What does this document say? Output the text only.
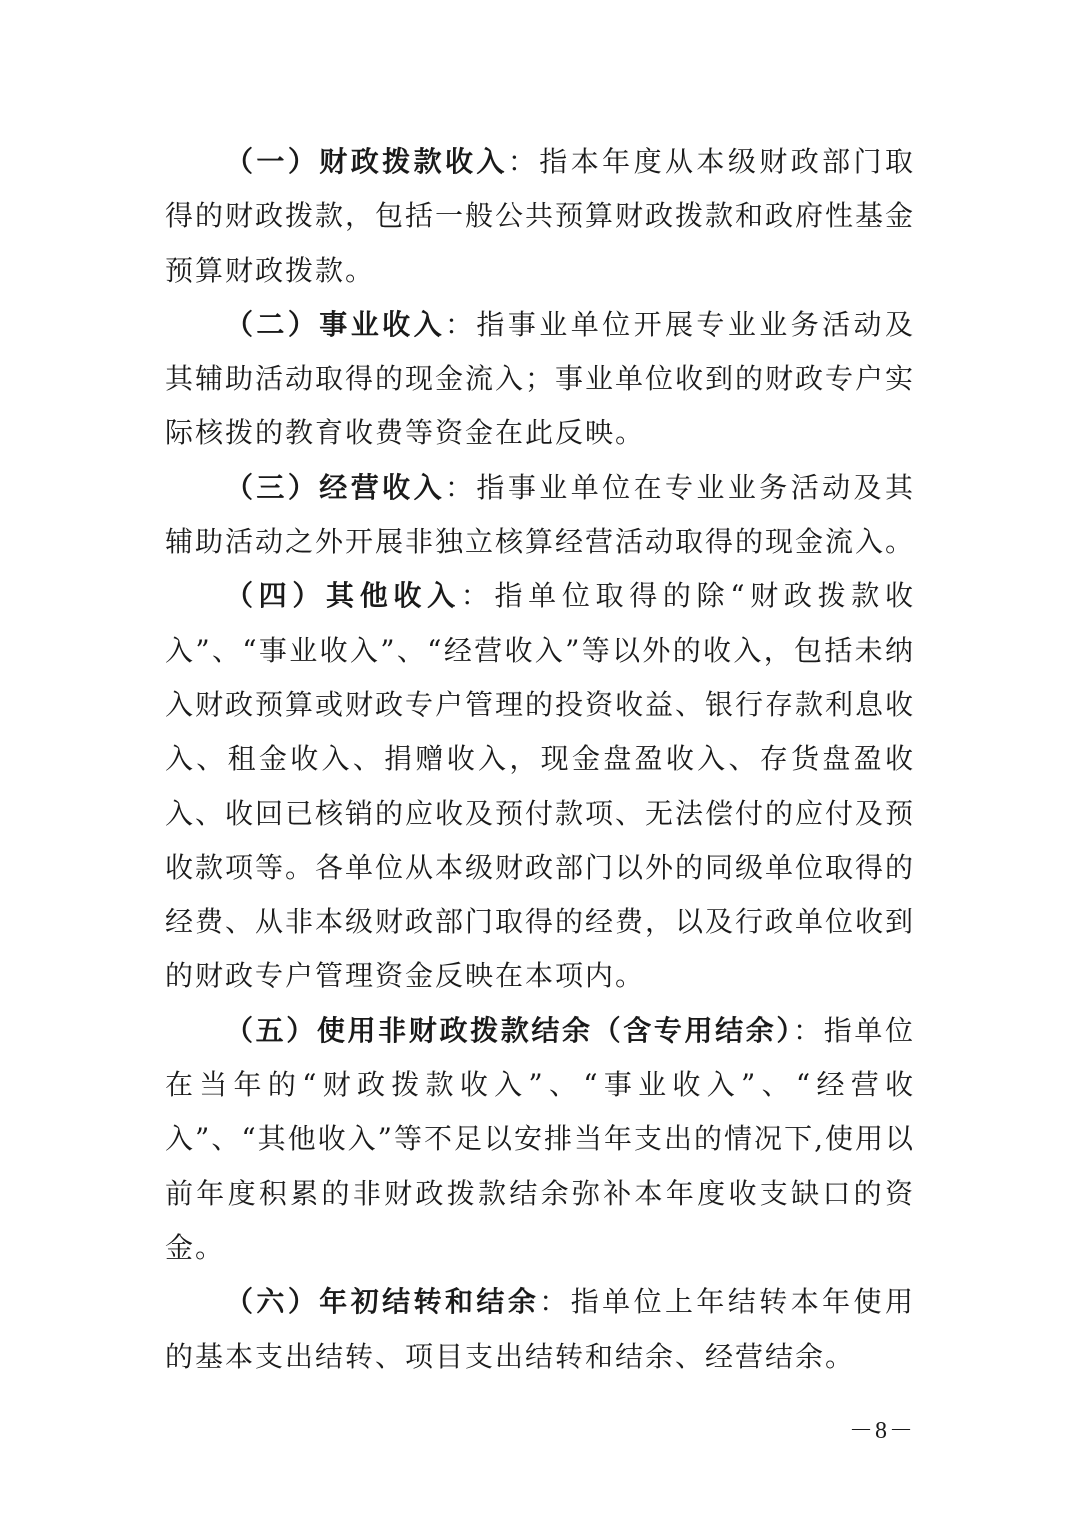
（一）财政拨款收入：指本年度从本级财政部门取得的财政拨款，包括一般公共预算财政拨款和政府性基金预算财政拨款。

（二）事业收入：指事业单位开展专业业务活动及其辅助活动取得的现金流入；事业单位收到的财政专户实际核拨的教育收费等资金在此反映。

（三）经营收入：指事业单位在专业业务活动及其辅助活动之外开展非独立核算经营活动取得的现金流入。

（四）其他收入：指单位取得的除“财政拨款收入”、“事业收入”、“经营收入”等以外的收入，包括未纳入财政预算或财政专户管理的投资收益、银行存款利息收入、租金收入、捐赠收入，现金盘盈收入、存货盘盈收入、收回已核销的应收及预付款项、无法偿付的应付及预收款项等。各单位从本级财政部门以外的同级单位取得的经费、从非本级财政部门取得的经费，以及行政单位收到的财政专户管理资金反映在本项内。

（五）使用非财政拨款结余（含专用结余）：指单位在当年的“财政拨款收入”、“事业收入”、“经营收入”、“其他收入”等不足以安排当年支出的情况下,使用以前年度积累的非财政拨款结余弥补本年度收支缺口的资金。

（六）年初结转和结余：指单位上年结转本年使用的基本支出结转、项目支出结转和结余、经营结余。

－8－
